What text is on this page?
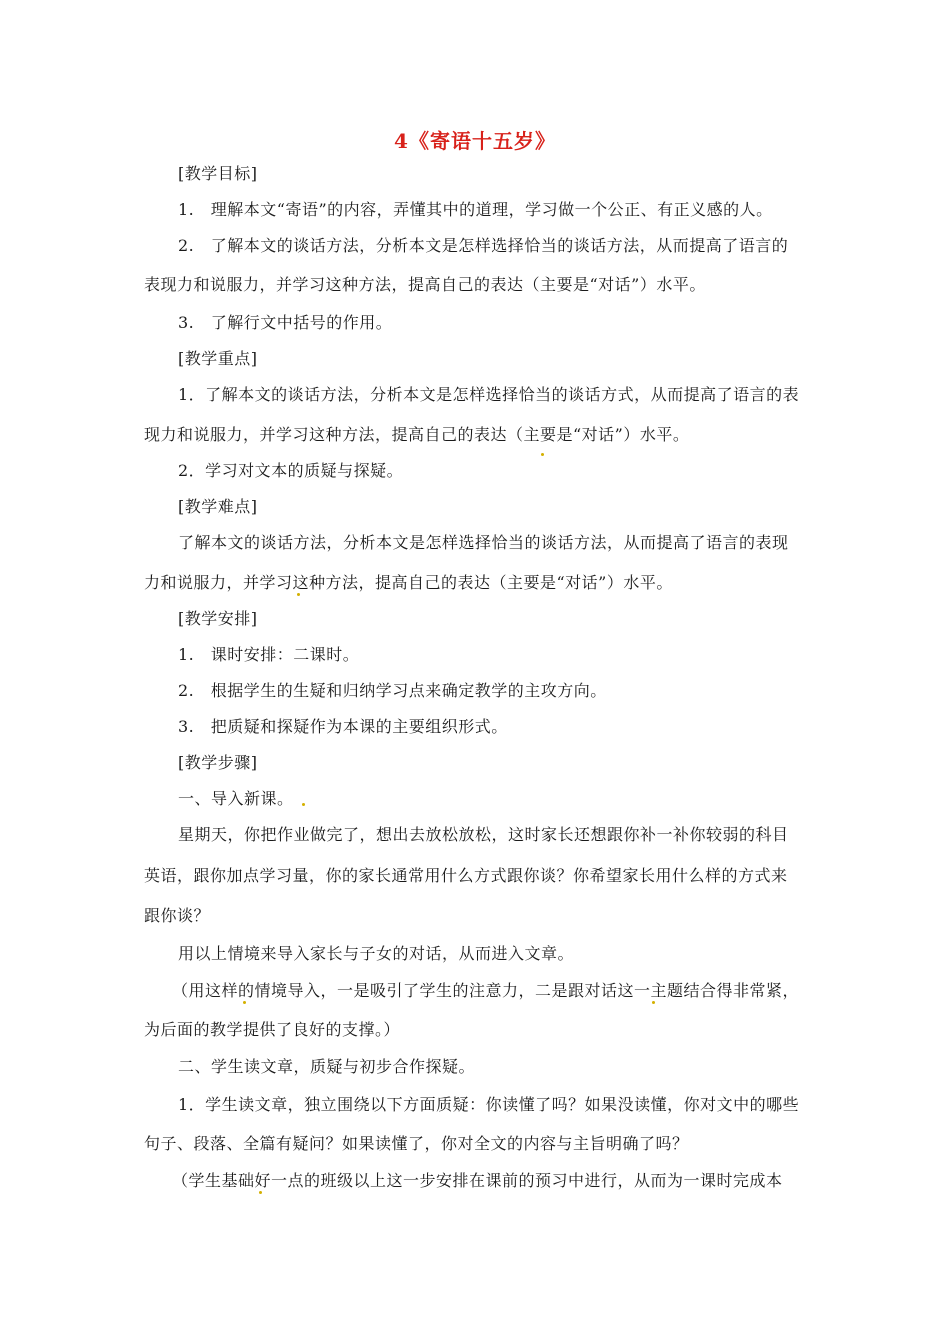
4《寄语十五岁》
[教学目标]
1.　理解本文“寄语”的内容，弄懂其中的道理，学习做一个公正、有正义感的人。
2.　了解本文的谈话方法，分析本文是怎样选择恰当的谈话方法，从而提高了语言的
表现力和说服力，并学习这种方法，提高自己的表达（主要是“对话”）水平。
3.　了解行文中括号的作用。
[教学重点]
1．了解本文的谈话方法，分析本文是怎样选择恰当的谈话方式，从而提高了语言的表
现力和说服力，并学习这种方法，提高自己的表达（主要是“对话”）水平。
2．学习对文本的质疑与探疑。
[教学难点]
了解本文的谈话方法，分析本文是怎样选择恰当的谈话方法，从而提高了语言的表现
力和说服力，并学习这种方法，提高自己的表达（主要是“对话”）水平。
[教学安排]
1.　课时安排：二课时。
2.　根据学生的生疑和归纳学习点来确定教学的主攻方向。
3.　把质疑和探疑作为本课的主要组织形式。
[教学步骤]
一、导入新课。
星期天，你把作业做完了，想出去放松放松，这时家长还想跟你补一补你较弱的科目
英语，跟你加点学习量，你的家长通常用什么方式跟你谈？你希望家长用什么样的方式来
跟你谈？
用以上情境来导入家长与子女的对话，从而进入文章。
（用这样的情境导入，一是吸引了学生的注意力，二是跟对话这一主题结合得非常紧，
为后面的教学提供了良好的支撑。）
二、学生读文章，质疑与初步合作探疑。
1．学生读文章，独立围绕以下方面质疑：你读懂了吗？如果没读懂，你对文中的哪些
句子、段落、全篇有疑问？如果读懂了，你对全文的内容与主旨明确了吗？
（学生基础好一点的班级以上这一步安排在课前的预习中进行，从而为一课时完成本
